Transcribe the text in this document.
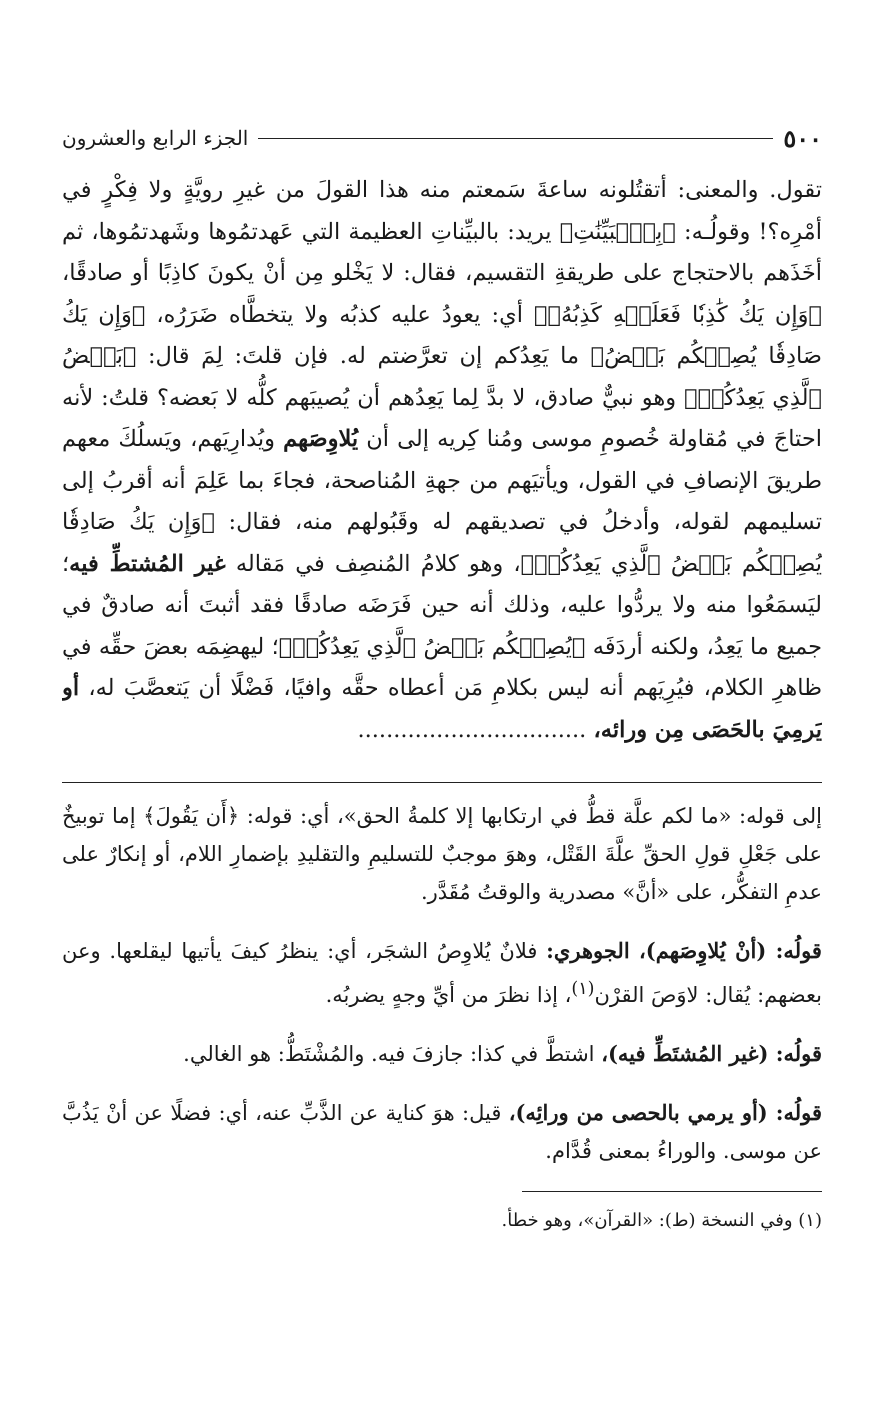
٥٠٠
الجزء الرابع والعشرون

تقول. والمعنى: أتقتُلونه ساعةَ سَمعتم منه هذا القولَ من غيرِ رويَّةٍ ولا فِكْرٍ في أمْرِه؟! وقولُـه: ﴿بِٱلۡبَيِّنَٰتِ﴾ يريد: بالبيِّناتِ العظيمة التي عَهدتمُوها وشَهدتمُوها، ثم أخَذَهم بالاحتجاج على طريقةِ التقسيم، فقال: لا يَخْلو مِن أنْ يكونَ كاذِبًا أو صادقًا، ﴿وَإِن يَكُ كَٰذِبٗا فَعَلَيۡهِ كَذِبُهُۥ﴾ أي: يعودُ عليه كذبُه ولا يتخطَّاه ضَرَرُه، ﴿وَإِن يَكُ صَادِقٗا يُصِبۡكُم بَعۡضُ﴾ ما يَعِدُكم إن تعرَّضتم له. فإن قلتَ: لِمَ قال: ﴿بَعۡضُ ٱلَّذِي يَعِدُكُمۡ﴾ وهو نبيٌّ صادق، لا بدَّ لِما يَعِدُهم أن يُصيبَهم كلُّه لا بَعضه؟ قلتُ: لأنه احتاجَ في مُقاولة خُصومِ موسى ومُنا كِريه إلى أن يُلاوِصَهم ويُدارِيَهم، ويَسلُكَ معهم طريقَ الإنصافِ في القول، ويأتيَهم من جهةِ المُناصحة، فجاءَ بما عَلِمَ أنه أقربُ إلى تسليمهم لقوله، وأدخلُ في تصديقهم له وقَبُولهم منه، فقال: ﴿وَإِن يَكُ صَادِقٗا يُصِبۡكُم بَعۡضُ ٱلَّذِي يَعِدُكُمۡ﴾، وهو كلامُ المُنصِف في مَقاله غير المُشتطِّ فيه؛ ليَسمَعُوا منه ولا يردُّوا عليه، وذلك أنه حين فَرَضَه صادقًا فقد أثبتَ أنه صادقٌ في جميع ما يَعِدُ، ولكنه أردَفَه ﴿يُصِبۡكُم بَعۡضُ ٱلَّذِي يَعِدُكُمۡ﴾؛ ليهضِمَه بعضَ حقِّه في ظاهرِ الكلام، فيُرِيَهم أنه ليس بكلامِ مَن أعطاه حقَّه وافيًا، فَضْلًا أن يَتعصَّبَ له، أو يَرمِيَ بالحَصَى مِن ورائه، ................................

إلى قوله: «ما لكم علَّة قطُّ في ارتكابها إلا كلمةُ الحق»، أي: قوله: ﴿أَن يَقُولَ﴾ إما توبيخٌ على جَعْلِ قولِ الحقِّ علَّةَ القَتْل، وهوَ موجبٌ للتسليمِ والتقليدِ بإضمارِ اللام، أو إنكارٌ على عدمِ التفكُّر، على «أنَّ» مصدرية والوقتُ مُقَدَّر.

قولُه: (أنْ يُلاوِصَهم)، الجوهري: فلانٌ يُلاوِصُ الشجَر، أي: ينظرُ كيفَ يأتيها ليقلعها. وعن بعضهم: يُقال: لاوَصَ القرْن$^{(١)}$، إذا نظرَ من أيِّ وجهٍ يضربُه.

قولُه: (غير المُشتَطِّ فيه)، اشتطَّ في كذا: جازفَ فيه. والمُشْتَطُّ: هو الغالي.

قولُه: (أو يرمي بالحصى من ورائِه)، قيل: هوَ كناية عن الذَّبِّ عنه، أي: فضلًا عن أنْ يَذُبَّ عن موسى. والوراءُ بمعنى قُدَّام.

(١) وفي النسخة (ط): «القرآن»، وهو خطأ.
